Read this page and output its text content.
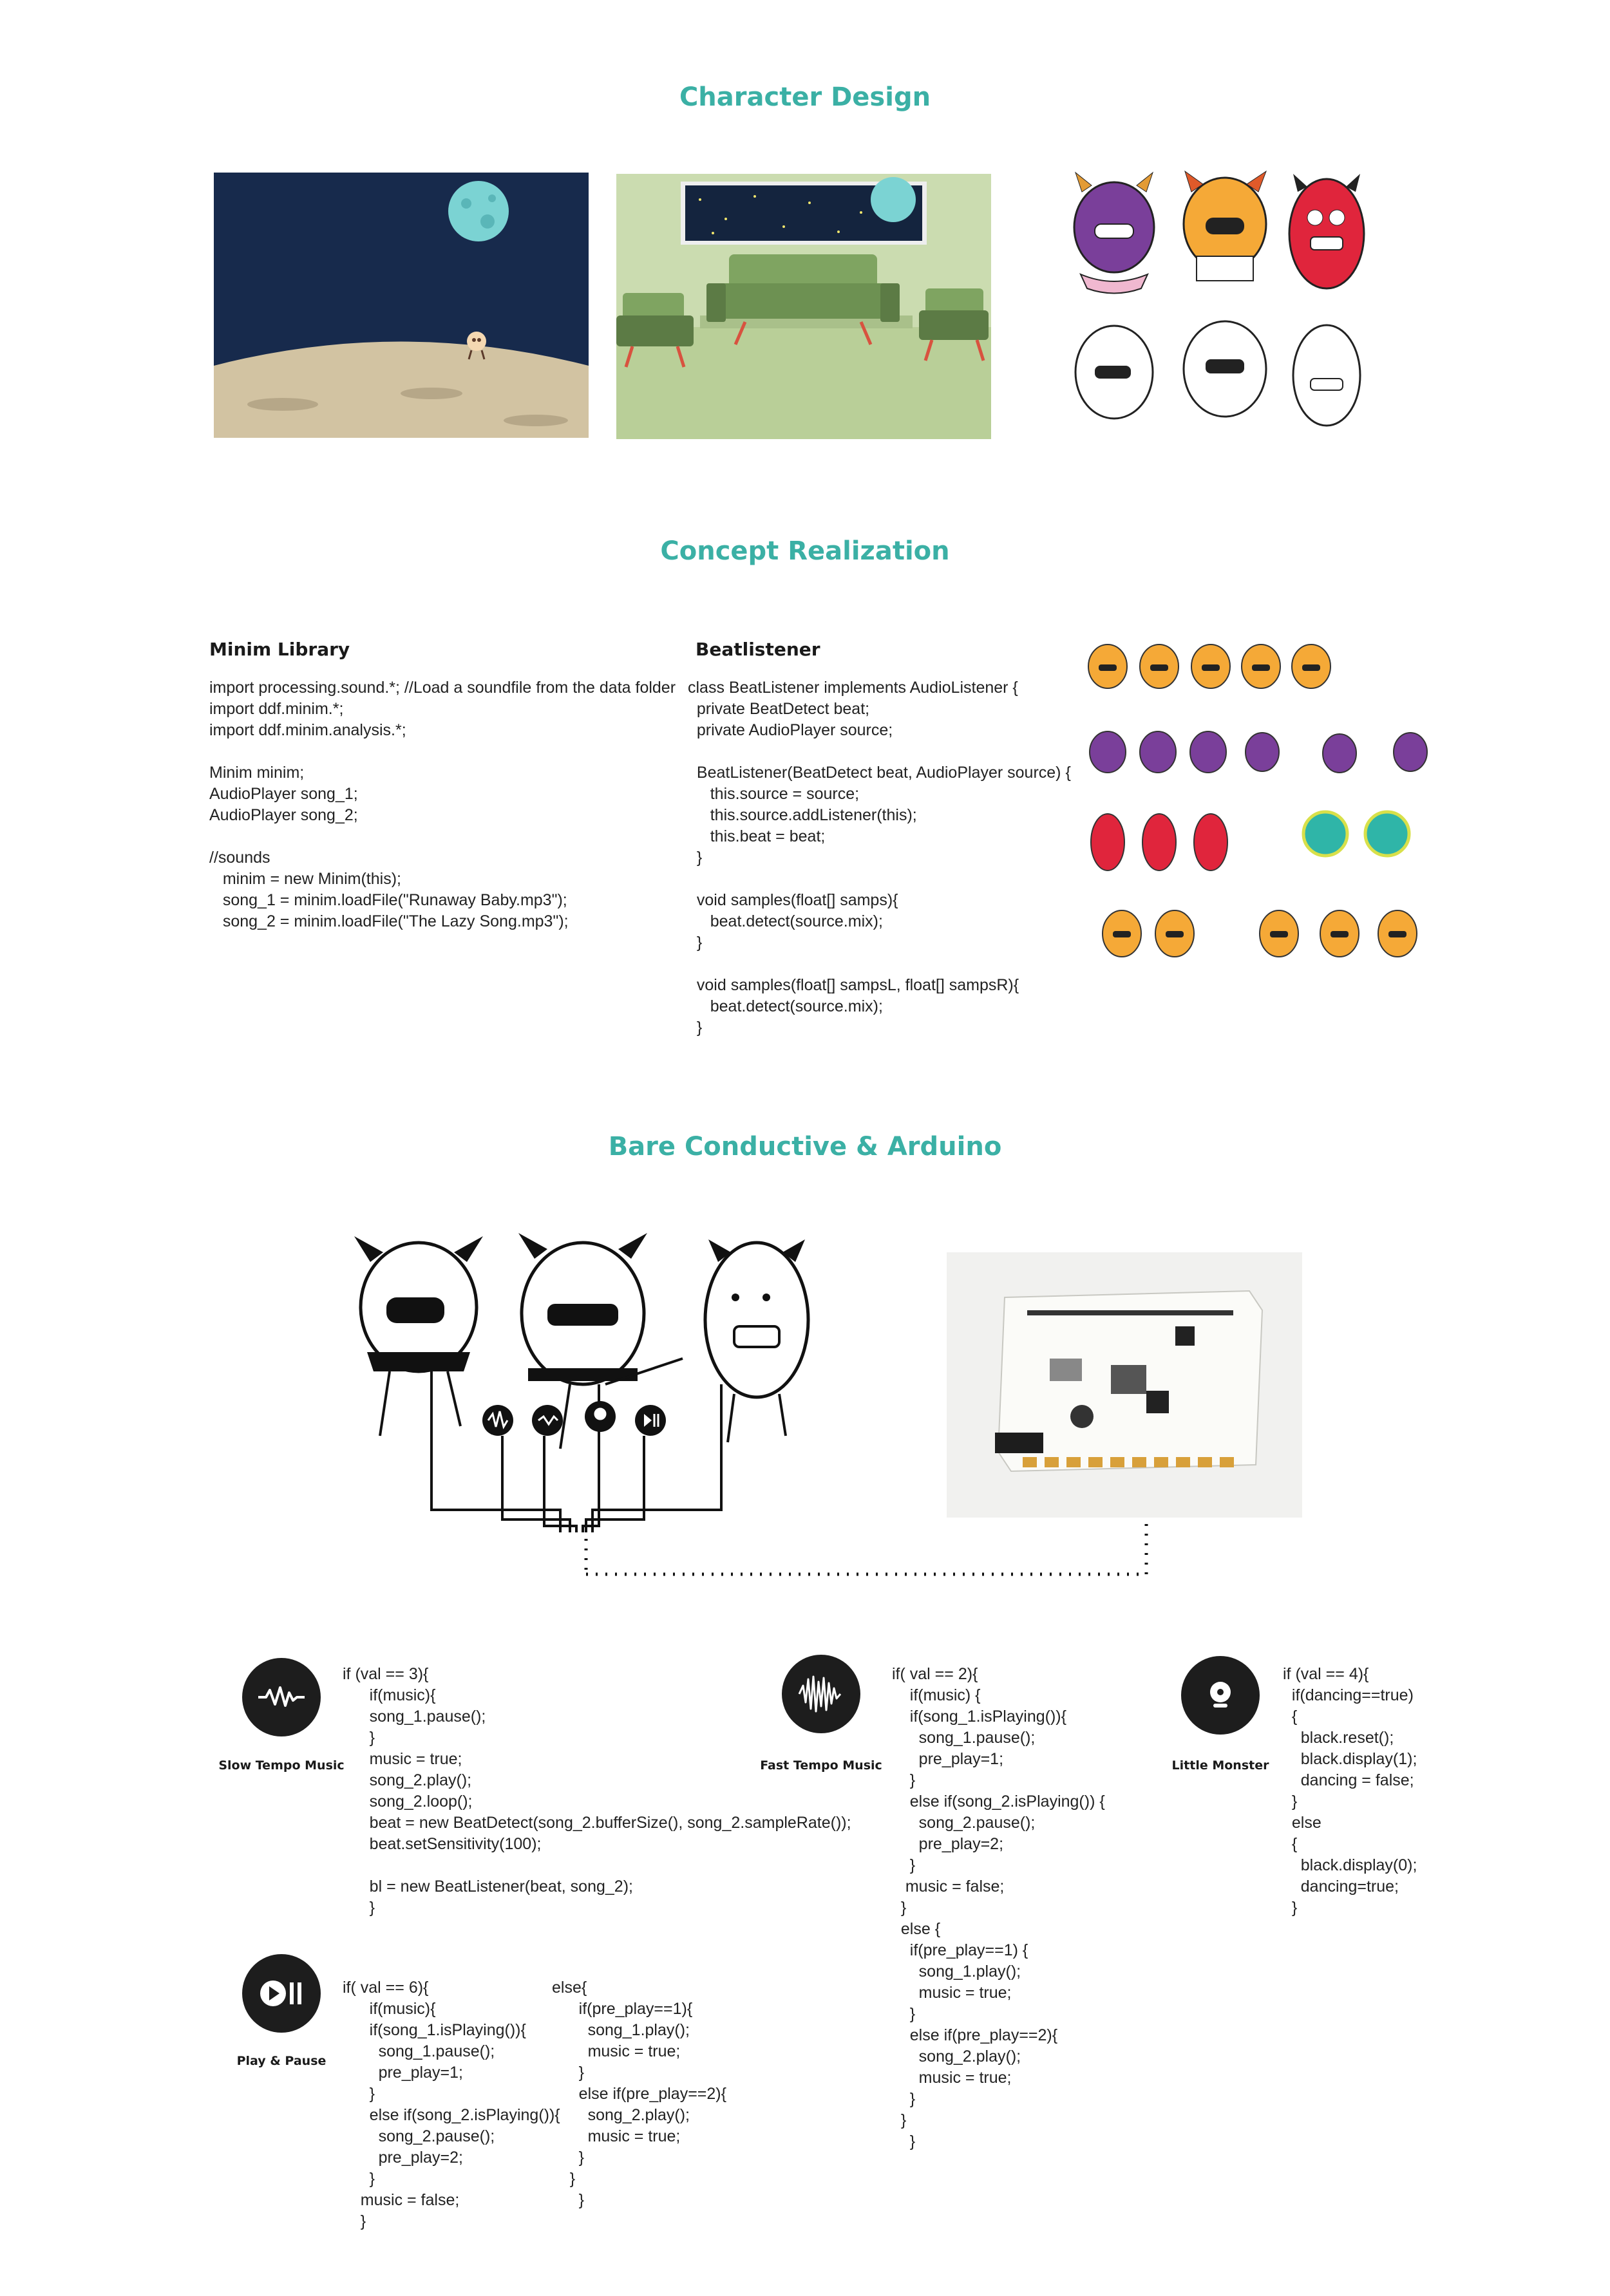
Character Design
Concept Realization
Minim Library
import processing.sound.*; //Load a soundfile from the data folder
import ddf.minim.*;
import ddf.minim.analysis.*;

Minim minim;
AudioPlayer song_1;
AudioPlayer song_2;

//sounds
minim = new Minim(this);
song_1 = minim.loadFile("Runaway Baby.mp3");
song_2 = minim.loadFile("The Lazy Song.mp3");
Beatlistener
class BeatListener implements AudioListener {
private BeatDetect beat;
private AudioPlayer source;

BeatListener(BeatDetect beat, AudioPlayer source) {
this.source = source;
this.source.addListener(this);
this.beat = beat;
}

void samples(float[] samps){
beat.detect(source.mix);
}

void samples(float[] sampsL, float[] sampsR){
beat.detect(source.mix);
}
Bare Conductive & Arduino
Slow Tempo Music
if (val == 3){
if(music){
song_1.pause();
}
music = true;
song_2.play();
song_2.loop();
beat = new BeatDetect(song_2.bufferSize(), song_2.sampleRate());
beat.setSensitivity(100);

bl = new BeatListener(beat, song_2);
}
Fast Tempo Music
if( val == 2){
if(music) {
if(song_1.isPlaying()){
song_1.pause();
pre_play=1;
}
else if(song_2.isPlaying()) {
song_2.pause();
pre_play=2;
}
music = false;
}
else {
if(pre_play==1) {
song_1.play();
music = true;
}
else if(pre_play==2){
song_2.play();
music = true;
}
}
}
Little Monster
if (val == 4){
if(dancing==true)
{
black.reset();
black.display(1);
dancing = false;
}
else
{
black.display(0);
dancing=true;
}
Play & Pause
if( val == 6){
if(music){
if(song_1.isPlaying()){
song_1.pause();
pre_play=1;
}
else if(song_2.isPlaying()){
song_2.pause();
pre_play=2;
}
music = false;
}
else{
if(pre_play==1){
song_1.play();
music = true;
}
else if(pre_play==2){
song_2.play();
music = true;
}
}
}
